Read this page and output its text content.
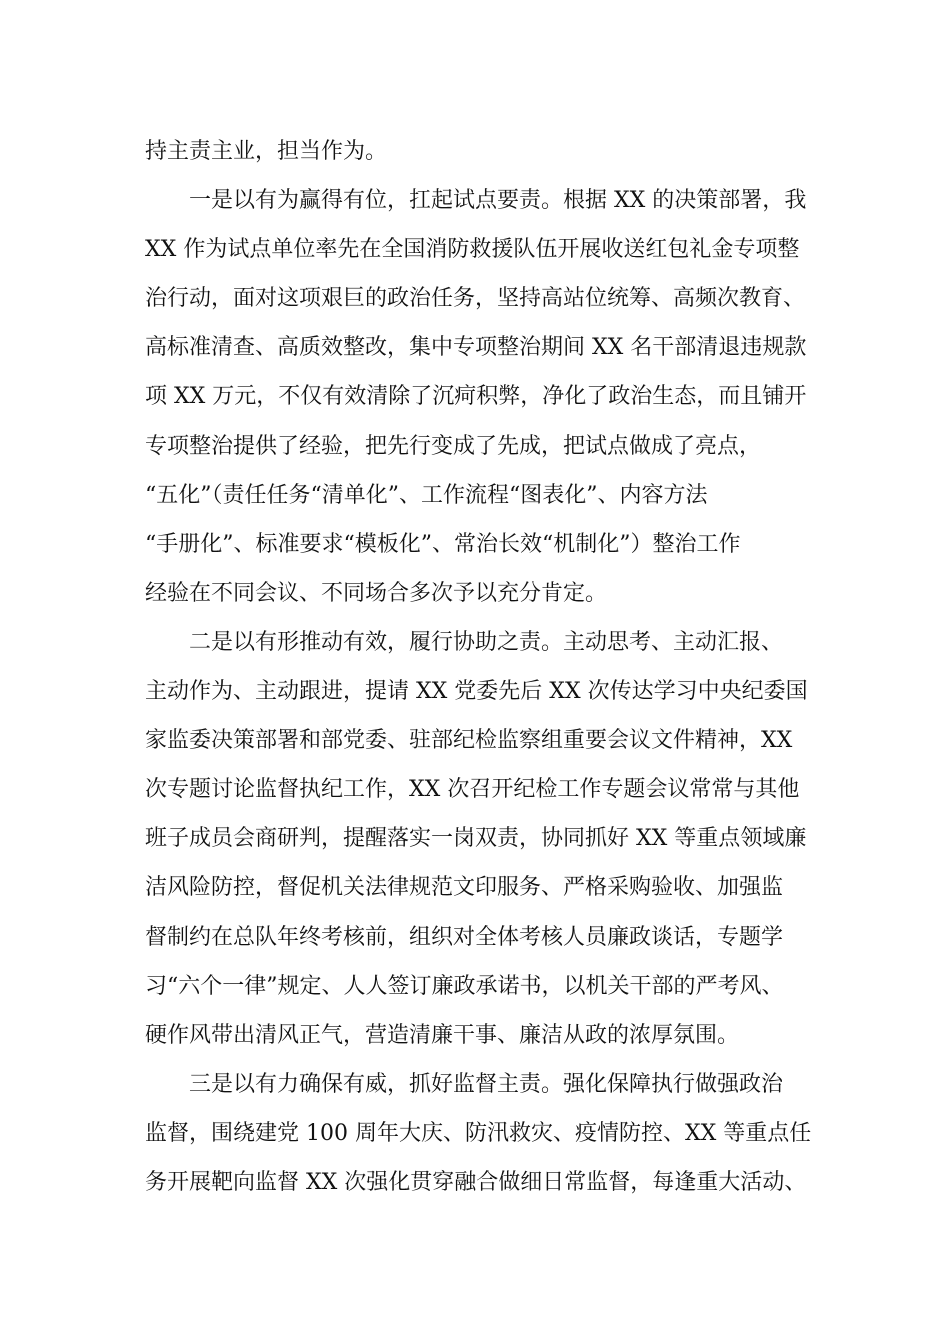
持主责主业，担当作为。
一是以有为赢得有位，扛起试点要责。根据 XX 的决策部署，我
XX 作为试点单位率先在全国消防救援队伍开展收送红包礼金专项整
治行动，面对这项艰巨的政治任务，坚持高站位统筹、高频次教育、
高标准清查、高质效整改，集中专项整治期间 XX 名干部清退违规款
项 XX 万元，不仅有效清除了沉疴积弊，净化了政治生态，而且铺开
专项整治提供了经验，把先行变成了先成，把试点做成了亮点，
“五化”（责任任务“清单化”、工作流程“图表化”、内容方法
“手册化”、标准要求“模板化”、常治长效“机制化”）整治工作
经验在不同会议、不同场合多次予以充分肯定。
二是以有形推动有效，履行协助之责。主动思考、主动汇报、
主动作为、主动跟进，提请 XX 党委先后 XX 次传达学习中央纪委国
家监委决策部署和部党委、驻部纪检监察组重要会议文件精神，XX
次专题讨论监督执纪工作，XX 次召开纪检工作专题会议常常与其他
班子成员会商研判，提醒落实一岗双责，协同抓好 XX 等重点领域廉
洁风险防控，督促机关法律规范文印服务、严格采购验收、加强监
督制约在总队年终考核前，组织对全体考核人员廉政谈话，专题学
习“六个一律”规定、人人签订廉政承诺书，以机关干部的严考风、
硬作风带出清风正气，营造清廉干事、廉洁从政的浓厚氛围。
三是以有力确保有威，抓好监督主责。强化保障执行做强政治
监督，围绕建党 100 周年大庆、防汛救灾、疫情防控、XX 等重点任
务开展靶向监督 XX 次强化贯穿融合做细日常监督，每逢重大活动、
